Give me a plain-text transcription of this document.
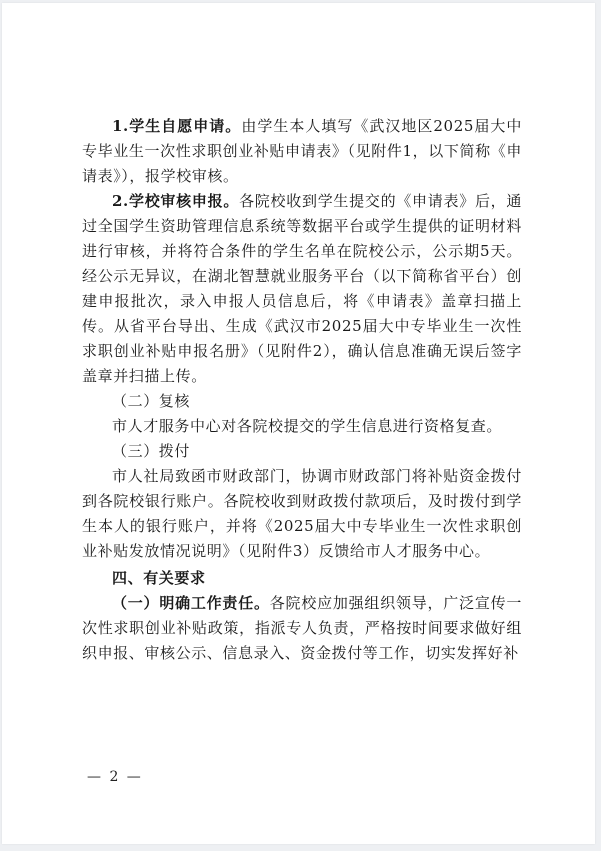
1.学生自愿申请。由学生本人填写《武汉地区2025届大中专毕业生一次性求职创业补贴申请表》（见附件1，以下简称《申请表》），报学校审核。

2.学校审核申报。各院校收到学生提交的《申请表》后，通过全国学生资助管理信息系统等数据平台或学生提供的证明材料进行审核，并将符合条件的学生名单在院校公示，公示期5天。经公示无异议，在湖北智慧就业服务平台（以下简称省平台）创建申报批次，录入申报人员信息后，将《申请表》盖章扫描上传。从省平台导出、生成《武汉市2025届大中专毕业生一次性求职创业补贴申报名册》（见附件2），确认信息准确无误后签字盖章并扫描上传。

（二）复核

市人才服务中心对各院校提交的学生信息进行资格复查。

（三）拨付

市人社局致函市财政部门，协调市财政部门将补贴资金拨付到各院校银行账户。各院校收到财政拨付款项后，及时拨付到学生本人的银行账户，并将《2025届大中专毕业生一次性求职创业补贴发放情况说明》（见附件3）反馈给市人才服务中心。

四、有关要求

（一）明确工作责任。各院校应加强组织领导，广泛宣传一次性求职创业补贴政策，指派专人负责，严格按时间要求做好组织申报、审核公示、信息录入、资金拨付等工作，切实发挥好补

— 2 —
